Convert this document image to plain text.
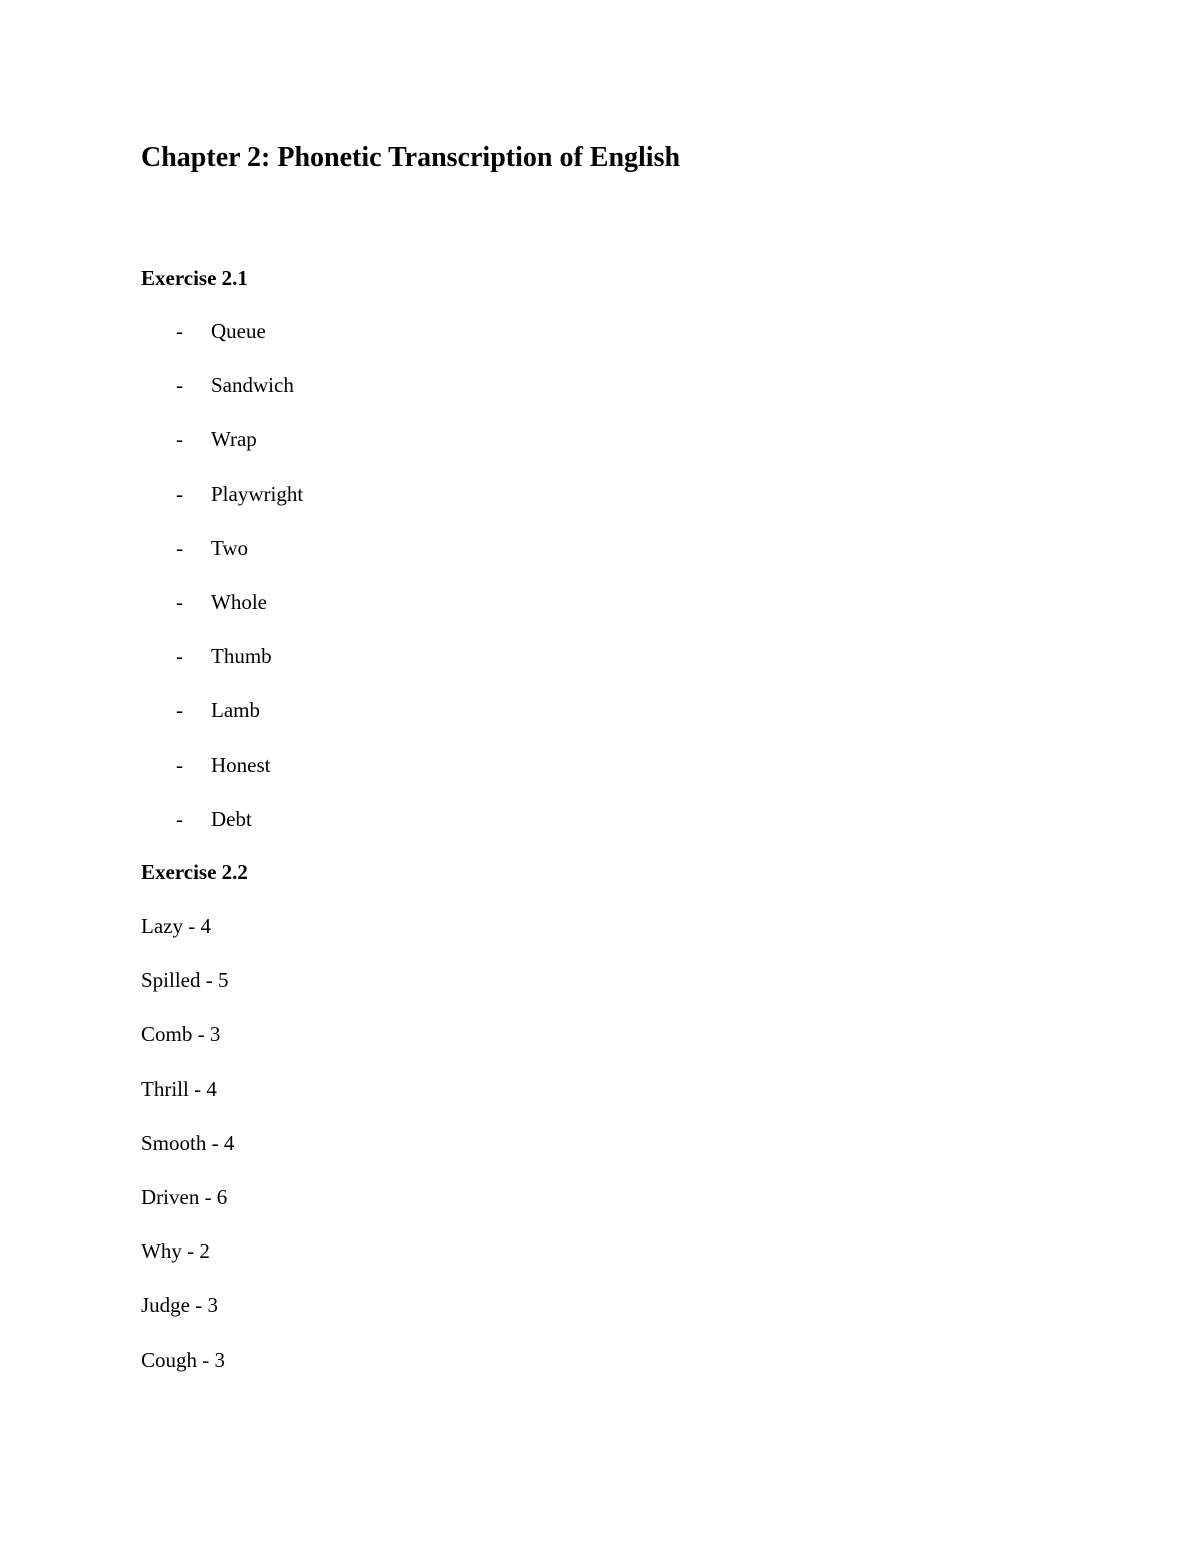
Chapter 2: Phonetic Transcription of English
Exercise 2.1
- Queue
- Sandwich
- Wrap
- Playwright
- Two
- Whole
- Thumb
- Lamb
- Honest
- Debt
Exercise 2.2
Lazy - 4
Spilled - 5
Comb - 3
Thrill - 4
Smooth - 4
Driven - 6
Why - 2
Judge - 3
Cough - 3
